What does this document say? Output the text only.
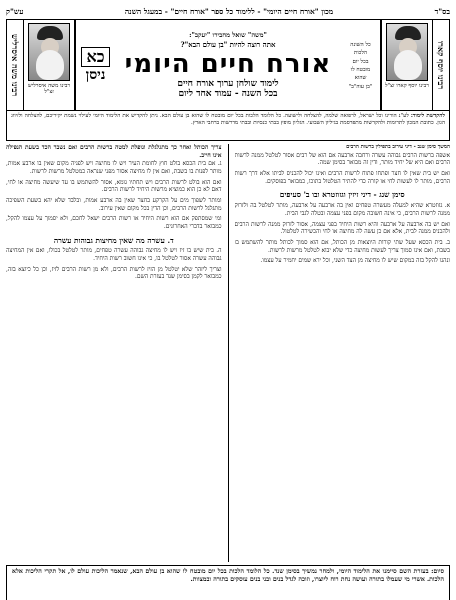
בס"ד
מכון "אורח חיים היומי" - ללימוד כל ספר "אורח חיים" - במעגל השנה
עש"ק
רבינו יוסף קארו
רבינו יוסף קארו זצ"ל
כל השונה
הלכות
בכל יום
מובטח לו
שהוא
"בן עוה"ב"
"משה" שואל מחבירו "יעקב":
אתה רוצה להיות "בן עולם הבא"?
אורח חיים היומי
לימוד שולחן ערוך אורח חיים
בכל השנה - עמוד אחד ליום
כא
ניסן
רבינו משה איסרליש זצ"ל
רבינו משה איסרליש
להקדשת לימוד: לע"נ הורינו וכל ישראל, לרפואה שלמה, להצלחה ולישועה. כל הלומד הלכות בכל יום מובטח לו שהוא בן עולם הבא. ניתן להקדיש את הלימוד היומי לעילוי נשמת יקיריכם, להצלחה ולזיווג הגון. כתובת המכון לתרומות ולהקדשות מתפרסמת בגיליון השבועי. הגליון מופץ בבתי כנסיות ובבתי מדרשות ברחבי הארץ.
המשך סימן שנב - דיני עירוב בתפילין ברשות הרבים
אשפה ברשות הרבים גבוהה עשרה ורחבה ארבעה אם הוא של רבים אסור לטלטל ממנה לרשות הרבים ואם היא של יחיד מותר, ודין זה מבואר בסימן שמה.
ואם יש בית שאין לו חצר ופתחו פתוח לרשות הרבים ואינו יכול להכניס לביתו אלא דרך רשות הרבים, מותר לו לעשות לחי או קורה כדי להתיר הטלטול בתוכו, כמבואר בפוסקים.
סימן שנג - דיני זיזין וגזוזטרא ובו ב' סעיפים
א. גזוזטרא שהיא למעלה מעשרה טפחים ואין בה ארבעה על ארבעה, מותר לטלטל בה ולזרוק ממנה לרשות הרבים, כי אינה חשובה מקום בפני עצמה ובטלה לגבי הבית.
ואם יש בה ארבעה על ארבעה והיא רשות היחיד בפני עצמה, אסור לזרוק ממנה לרשות הרבים ולהכניס ממנה לבית, אלא אם כן עשה לה מחיצה או לחי והכשירה לטלטול.
ב. בית הכסא שעל שתי קורות היוצאות מן הכותל, אם הוא סמוך לכותל מותר להשתמש בו בשבת, ואם אינו סמוך צריך לעשות מחיצה כדי שלא יבוא לטלטל מרשות לרשות.
ונהגו להקל בזה במקום שיש לו מחיצה מן הצד השני, וכל ירא שמים יחמיר על עצמו.
צריך הכותל ואחר כך מתגלגלת ונופלת למטה ברשות הרבים ואם נשבר הכד בשעת הנפילה אינו חייב.
ג. אם בית הכסא בולט חוץ לחומת העיר ויש לו מחיצה ויש לפניה מקום שאין בו ארבע אמות, מותר לפנות בו בשבת, ואם אין לו מחיצה אסור מפני שנראה כמטלטל מרשות לרשות.
ואם הוא בולט לרשות הרבים ויש תחתיו גומא, אסור להשתמש בו עד שיעשה מחיצה או לחי, דאם לא כן הוא כמוציא מרשות היחיד לרשות הרבים.
ומותר לשפוך מים על הקרקע בחצר שאין בה ארבע אמות, ובלבד שלא יהא בשעת השפיכה מתגלגל לרשות הרבים, וכן הדין בכל מקום שאין עירוב.
ומי שמסתפק אם הוא רשות היחיד או רשות הרבים ישאל לחכם, ולא יסמוך על עצמו להקל, כמבואר בדברי האחרונים.
ד. עשרה מה שאין מחיצות גבוהות עשרה
ה. בית שיש בו זיז ויש לו מחיצה גבוהה עשרה טפחים, מותר לטלטל בכולו, ואם אין המחיצה גבוהה עשרה אסור לטלטל בו, כי אינו חשוב רשות היחיד.
וצריך ליזהר שלא יטלטל מן הזיז לרשות הרבים, ולא מן רשות הרבים לזיז, וכן כל כיוצא בזה, כמבואר לקמן בסימן שנד בעזרת השם.
סיום: בעזרת השם סיימנו את הלימוד היומי, ולמחר נמשיך בסימן שנד. כל הלומד הלכות בכל יום מובטח לו שהוא בן עולם הבא, שנאמר הליכות עולם לו, אל תקרי הליכות אלא הלכות. אשרי מי שעמלו בתורה ועושה נחת רוח ליוצרו, וזוכה לגדל בנים ובני בנים עוסקים בתורה ובמצוות.
